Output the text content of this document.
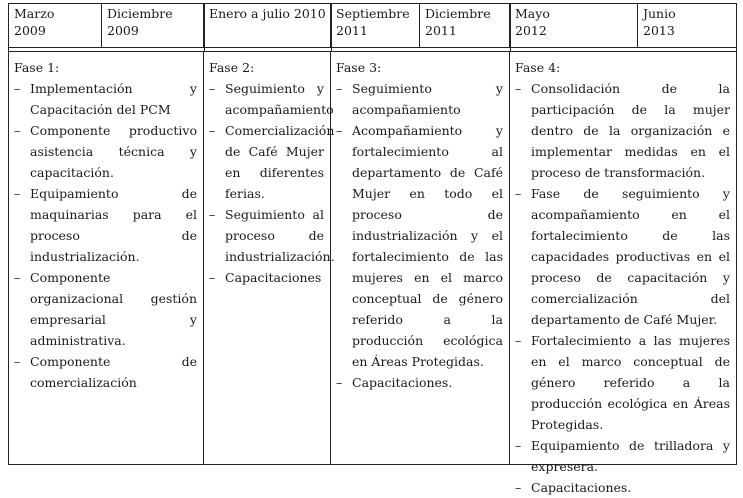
Marzo
2009
Diciembre
2009
Enero a julio 2010 Septiembre
2011
Diciembre
2011
Mayo
2012
Junio
2013
Fase 1:
– Implementación y Capacitación del PCM
– Componente productivo asistencia técnica y capacitación.
– Equipamiento de maquinarias para el proceso de industrialización.
– Componente organizacional gestión empresarial y administrativa.
– Componente de comercialización
Fase 2:
– Seguimiento y acompañamiento
– Comercialización de Café Mujer en diferentes ferias.
– Seguimiento al proceso de industrialización.
– Capacitaciones
Fase 3:
– Seguimiento y acompañamiento
– Acompañamiento y fortalecimiento al departamento de Café Mujer en todo el proceso de industrialización y el fortalecimiento de las mujeres en el marco conceptual de género referido a la producción ecológica en Áreas Protegidas.
– Capacitaciones.
Fase 4:
– Consolidación de la participación de la mujer dentro de la organización e implementar medidas en el proceso de transformación.
– Fase de seguimiento y acompañamiento en el fortalecimiento de las capacidades productivas en el proceso de capacitación y comercialización del departamento de Café Mujer.
– Fortalecimiento a las mujeres en el marco conceptual de género referido a la producción ecológica en Áreas Protegidas.
– Equipamiento de trilladora y expresera.
– Capacitaciones.
